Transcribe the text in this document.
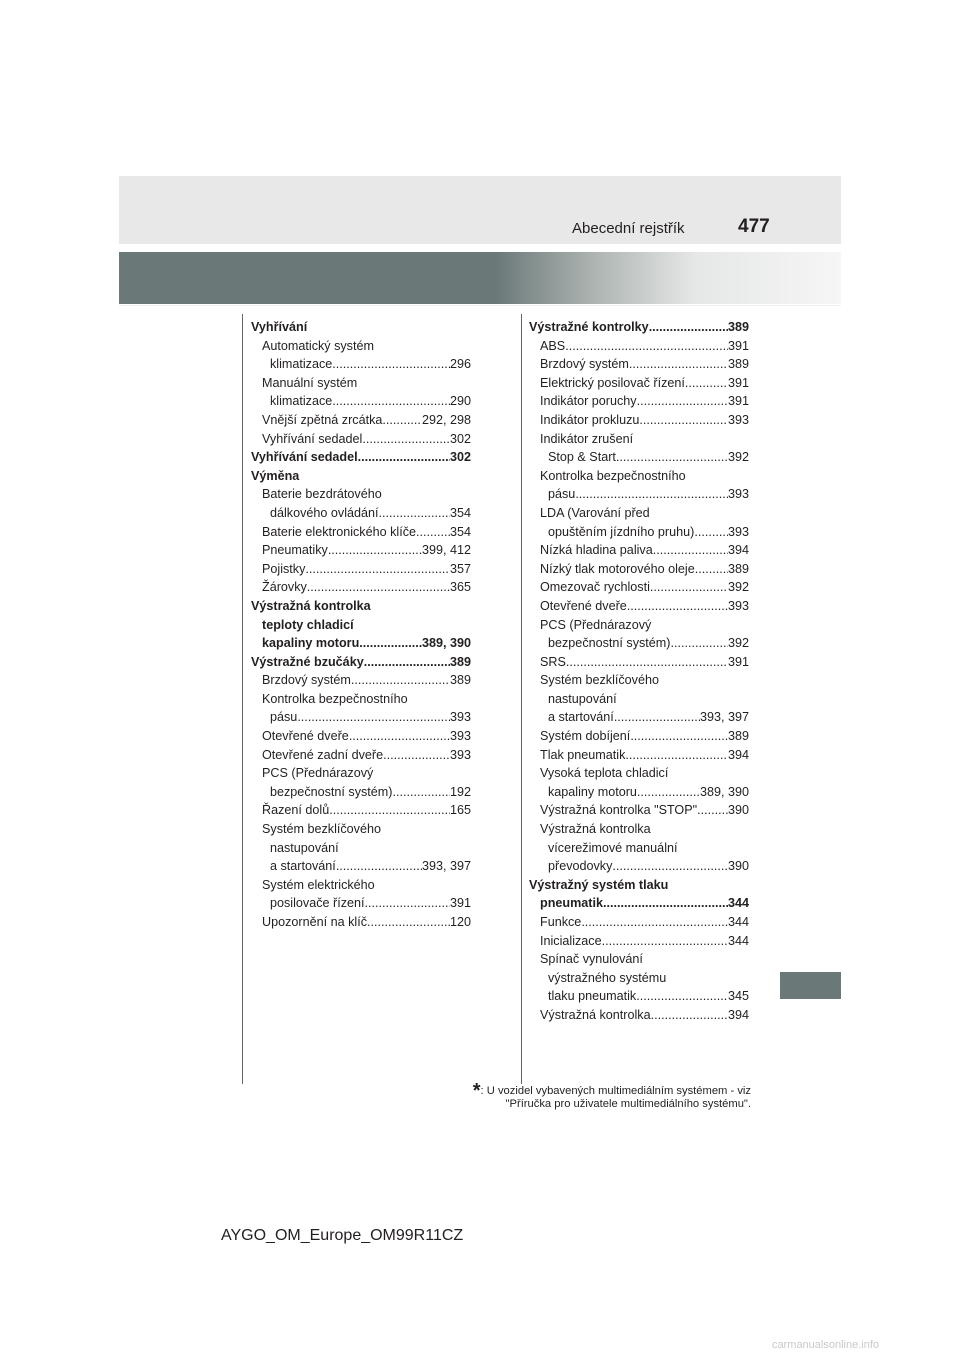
Abecední rejstřík	477
Vyhřívání
Automatický systém
klimatizace .....	296
Manuální systém
klimatizace .....	290
Vnější zpětná zrcátka .....	292, 298
Vyhřívání sedadel .....	302
Vyhřívání sedadel .....	302
Výměna
Baterie bezdrátového
dálkového ovládání .....	354
Baterie elektronického klíče .....	354
Pneumatiky .....	399, 412
Pojistky .....	357
Žárovky .....	365
Výstražná kontrolka
teploty chladicí
kapaliny motoru .....	389, 390
Výstražné bzučáky .....	389
Brzdový systém .....	389
Kontrolka bezpečnostního
pásu .....	393
Otevřené dveře .....	393
Otevřené zadní dveře .....	393
PCS (Přednárazový
bezpečnostní systém) .....	192
Řazení dolů .....	165
Systém bezklíčového
nastupování
a startování .....	393, 397
Systém elektrického
posilovače řízení .....	391
Upozornění na klíč .....	120
Výstražné kontrolky .....	389
ABS .....	391
Brzdový systém .....	389
Elektrický posilovač řízení .....	391
Indikátor poruchy .....	391
Indikátor prokluzu .....	393
Indikátor zrušení
Stop & Start .....	392
Kontrolka bezpečnostního
pásu .....	393
LDA (Varování před
opuštěním jízdního pruhu) .....	393
Nízká hladina paliva .....	394
Nízký tlak motorového oleje .....	389
Omezovač rychlosti .....	392
Otevřené dveře .....	393
PCS (Přednárazový
bezpečnostní systém) .....	392
SRS .....	391
Systém bezklíčového
nastupování
a startování .....	393, 397
Systém dobíjení .....	389
Tlak pneumatik .....	394
Vysoká teplota chladicí
kapaliny motoru .....	389, 390
Výstražná kontrolka "STOP" ..... 390
Výstražná kontrolka
vícerežimové manuální
převodovky .....	390
Výstražný systém tlaku
pneumatik .....	344
Funkce .....	344
Inicializace .....	344
Spínač vynulování
výstražného systému
tlaku pneumatik .....	345
Výstražná kontrolka .....	394
*: U vozidel vybavených multimediálním systémem - viz
"Příručka pro uživatele multimediálního systému".
AYGO_OM_Europe_OM99R11CZ
carmanualsonline.info
